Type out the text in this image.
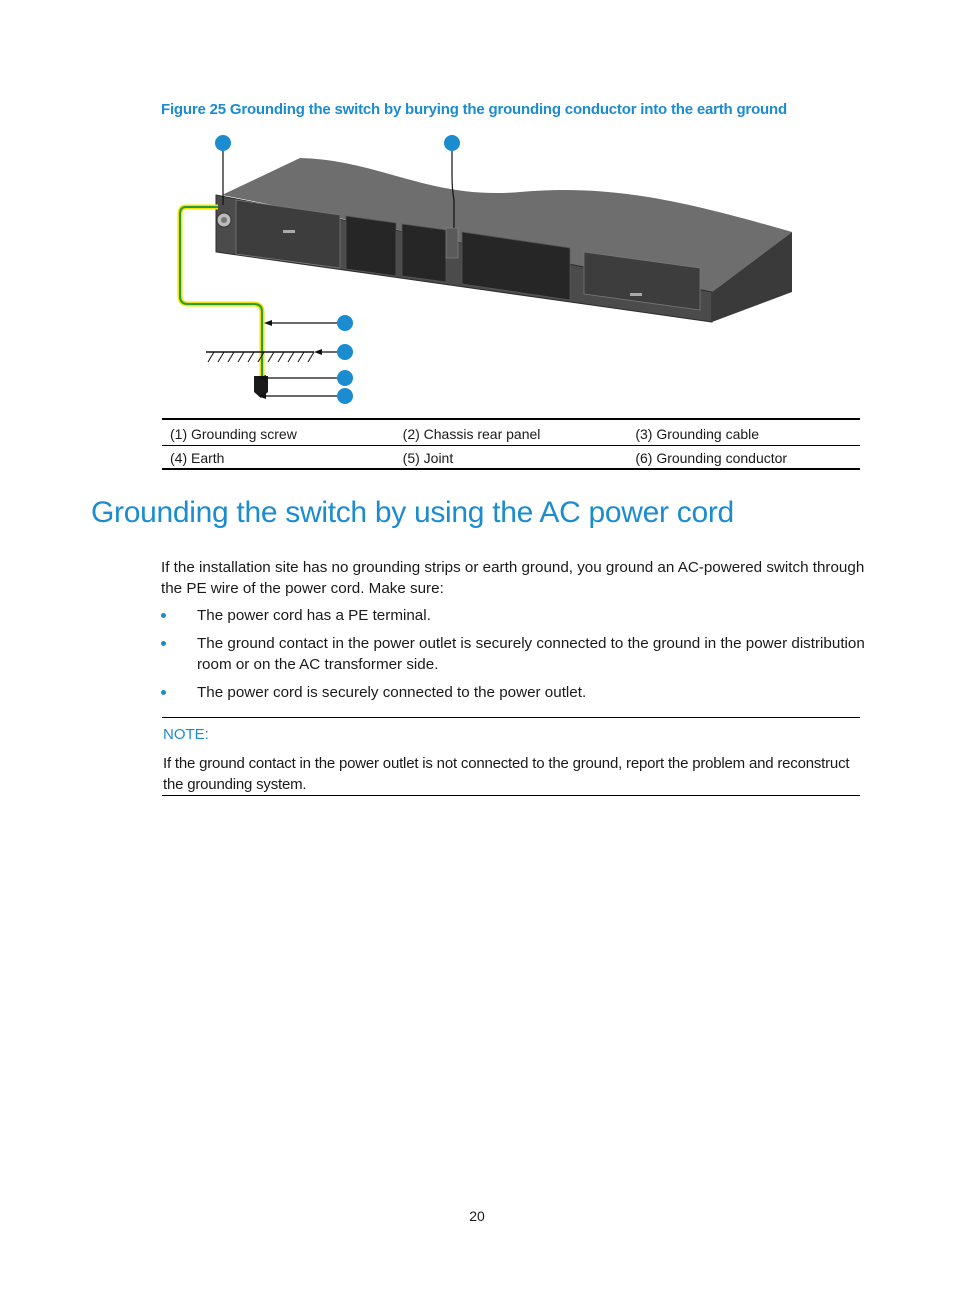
Figure 25 Grounding the switch by burying the grounding conductor into the earth ground
(1) Grounding screw	(2) Chassis rear panel	(3) Grounding cable
(4) Earth	(5) Joint	(6) Grounding conductor
Grounding the switch by using the AC power cord

If the installation site has no grounding strips or earth ground, you ground an AC-powered switch through the PE wire of the power cord. Make sure:

The power cord has a PE terminal.
The ground contact in the power outlet is securely connected to the ground in the power distribution room or on the AC transformer side.
The power cord is securely connected to the power outlet.
NOTE:
If the ground contact in the power outlet is not connected to the ground, report the problem and reconstruct the grounding system.
20
